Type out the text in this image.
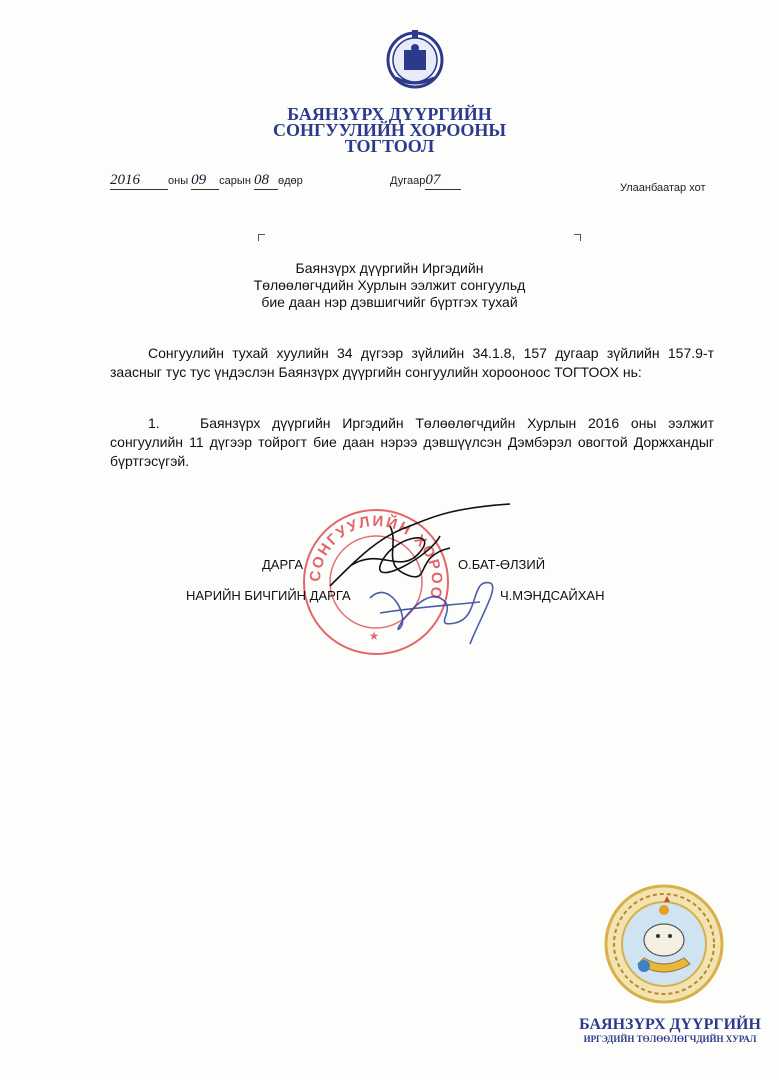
БАЯНЗҮРХ ДҮҮРГИЙН
СОНГУУЛИЙН ХОРООНЫ
ТОГТООЛ
2016	оны 09 сарын 08 өдөр	Дугаар07	Улаанбаатар хот
Баянзүрх дүүргийн Иргэдийн
Төлөөлөгчдийн Хурлын ээлжит сонгуульд
бие даан нэр дэвшигчийг бүртгэх тухай
Сонгуулийн тухай хуулийн 34 дүгээр зүйлийн 34.1.8, 157 дугаар зүйлийн 157.9-т заасныг тус тус үндэслэн Баянзүрх дүүргийн сонгуулийн хорооноос ТОГТООХ нь:
1.	Баянзүрх дүүргийн Иргэдийн Төлөөлөгчдийн Хурлын 2016 оны ээлжит сонгуулийн 11 дүгээр тойрогт бие даан нэрээ дэвшүүлсэн Дэмбэрэл овогтой Доржхандыг бүртгэсүгэй.
СОНГУУЛИЙН ХОРОО
★
ДАРГА	О.БАТ-ӨЛЗИЙ
НАРИЙН БИЧГИЙН ДАРГА	Ч.МЭНДСАЙХАН
БАЯНЗҮРХ ДҮҮРГИЙН
ИРГЭДИЙН ТӨЛӨӨЛӨГЧДИЙН ХУРАЛ
